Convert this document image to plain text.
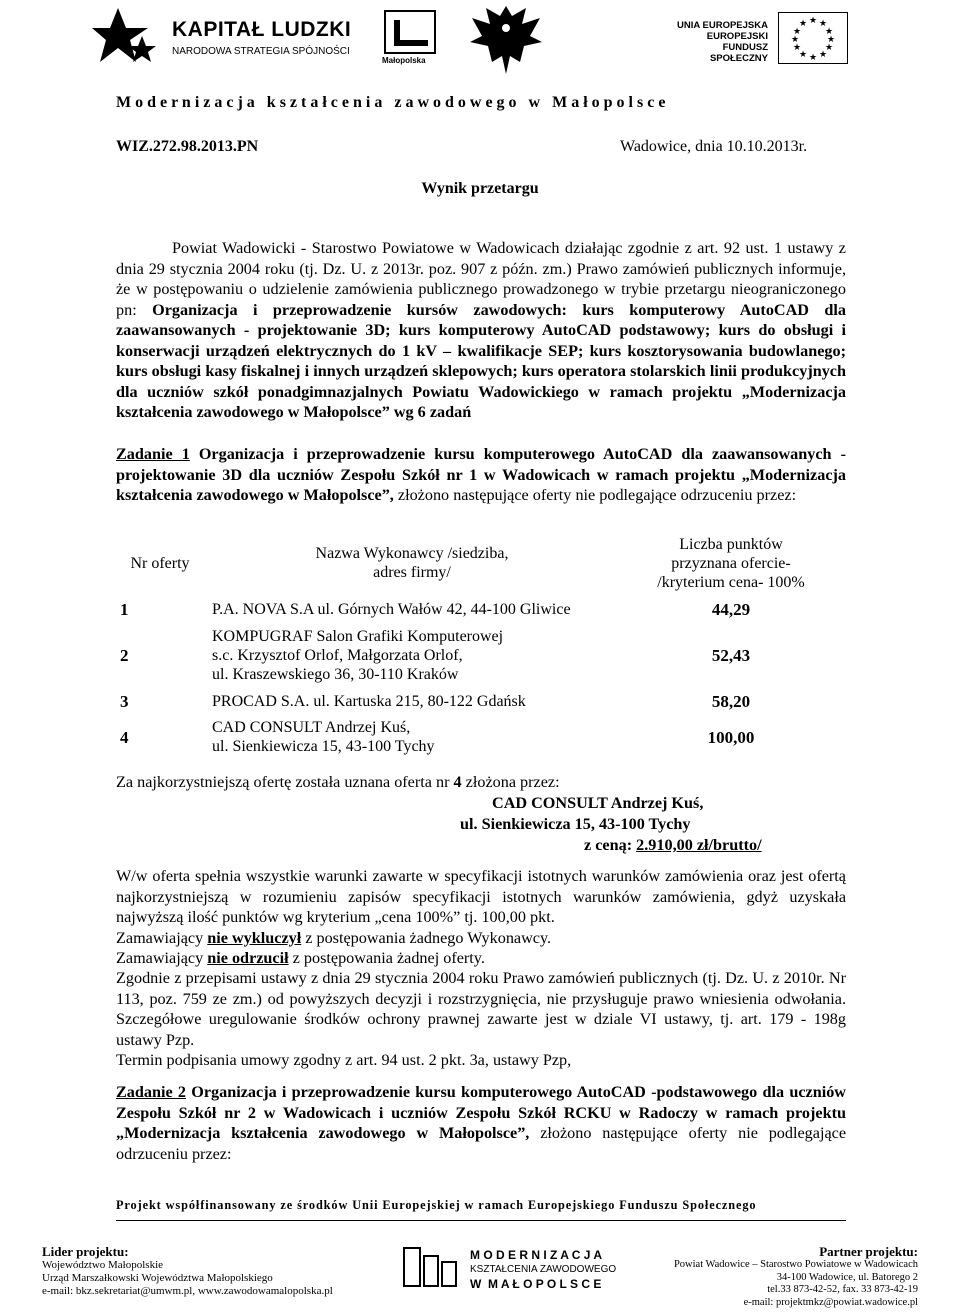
KAPITAŁ LUDZKI
NARODOWA STRATEGIA SPÓJNOŚCI
Małopolska
UNIA EUROPEJSKA
EUROPEJSKI
FUNDUSZ SPOŁECZNY
★ ★
★
★
★
★
★
★
★
★
★
★
M o d e r n i z a c j a   k s z t a ł c e n i a   z a w o d o w e g o   w   M a ł o p o l s c e
WIZ.272.98.2013.PN	Wadowice, dnia 10.10.2013r.
Wynik przetargu
Powiat Wadowicki - Starostwo Powiatowe w Wadowicach działając zgodnie z art. 92 ust. 1 ustawy z dnia 29 stycznia 2004 roku (tj. Dz. U. z 2013r. poz. 907 z późn. zm.) Prawo zamówień publicznych informuje, że w postępowaniu o udzielenie zamówienia publicznego prowadzonego w trybie przetargu nieograniczonego pn: Organizacja i przeprowadzenie kursów zawodowych: kurs komputerowy AutoCAD dla zaawansowanych - projektowanie 3D; kurs komputerowy AutoCAD podstawowy; kurs do obsługi i konserwacji urządzeń elektrycznych do 1 kV – kwalifikacje SEP; kurs kosztorysowania budowlanego; kurs obsługi kasy fiskalnej i innych urządzeń sklepowych; kurs operatora stolarskich linii produkcyjnych dla uczniów szkół ponadgimnazjalnych Powiatu Wadowickiego w ramach projektu „Modernizacja kształcenia zawodowego w Małopolsce” wg 6 zadań
Zadanie 1 Organizacja i przeprowadzenie kursu komputerowego AutoCAD dla zaawansowanych - projektowanie 3D dla uczniów Zespołu Szkół nr 1 w Wadowicach w ramach projektu „Modernizacja kształcenia zawodowego w Małopolsce”, złożono następujące oferty nie podlegające odrzuceniu przez:
Nr oferty	Nazwa Wykonawcy /siedziba, adres firmy/	Liczba punktów przyznana ofercie- /kryterium cena- 100%

1	P.A. NOVA S.A ul. Górnych Wałów 42, 44-100 Gliwice	44,29
2	KOMPUGRAF Salon Grafiki Komputerowej
s.c. Krzysztof Orlof, Małgorzata Orlof,
ul. Kraszewskiego 36, 30-110 Kraków	52,43
3	PROCAD S.A. ul. Kartuska 215, 80-122 Gdańsk	58,20
4	CAD CONSULT Andrzej Kuś,
ul. Sienkiewicza 15, 43-100 Tychy	100,00
Za najkorzystniejszą ofertę została uznana oferta nr 4 złożona przez:
CAD CONSULT Andrzej Kuś,
ul. Sienkiewicza 15, 43-100 Tychy
z ceną: 2.910,00 zł/brutto/
W/w oferta spełnia wszystkie warunki zawarte w specyfikacji istotnych warunków zamówienia oraz jest ofertą najkorzystniejszą w rozumieniu zapisów specyfikacji istotnych warunków zamówienia, gdyż uzyskała najwyższą ilość punktów wg kryterium „cena 100%” tj. 100,00 pkt.
Zamawiający nie wykluczył z postępowania żadnego Wykonawcy.
Zamawiający nie odrzucił z postępowania żadnej oferty.
Zgodnie z przepisami ustawy z dnia 29 stycznia 2004 roku Prawo zamówień publicznych (tj. Dz. U. z 2010r. Nr 113, poz. 759 ze zm.) od powyższych decyzji i rozstrzygnięcia, nie przysługuje prawo wniesienia odwołania. Szczegółowe uregulowanie środków ochrony prawnej zawarte jest w dziale VI ustawy, tj. art. 179 - 198g ustawy Pzp.
Termin podpisania umowy zgodny z art. 94 ust. 2 pkt. 3a, ustawy Pzp,
Zadanie 2 Organizacja i przeprowadzenie kursu komputerowego AutoCAD -podstawowego dla uczniów Zespołu Szkół nr 2 w Wadowicach i uczniów Zespołu Szkół RCKU w Radoczy w ramach projektu „Modernizacja kształcenia zawodowego w Małopolsce”, złożono następujące oferty nie podlegające odrzuceniu przez:
Projekt współfinansowany ze środków Unii Europejskiej w ramach Europejskiego Funduszu Społecznego
Lider projektu:
Województwo Małopolskie
Urząd Marszałkowski Województwa Małopolskiego
e-mail: bkz.sekretariat@umwm.pl, www.zawodowamalopolska.pl
M O D E R N I Z A C J A
KSZTAŁCENIA ZAWODOWEGO
W  M A Ł O P O L S C E
Partner projektu:
Powiat Wadowice – Starostwo Powiatowe w Wadowicach
34-100 Wadowice, ul. Batorego 2
tel.33 873-42-52, fax. 33 873-42-19
e-mail: projektmkz@powiat.wadowice.pl
